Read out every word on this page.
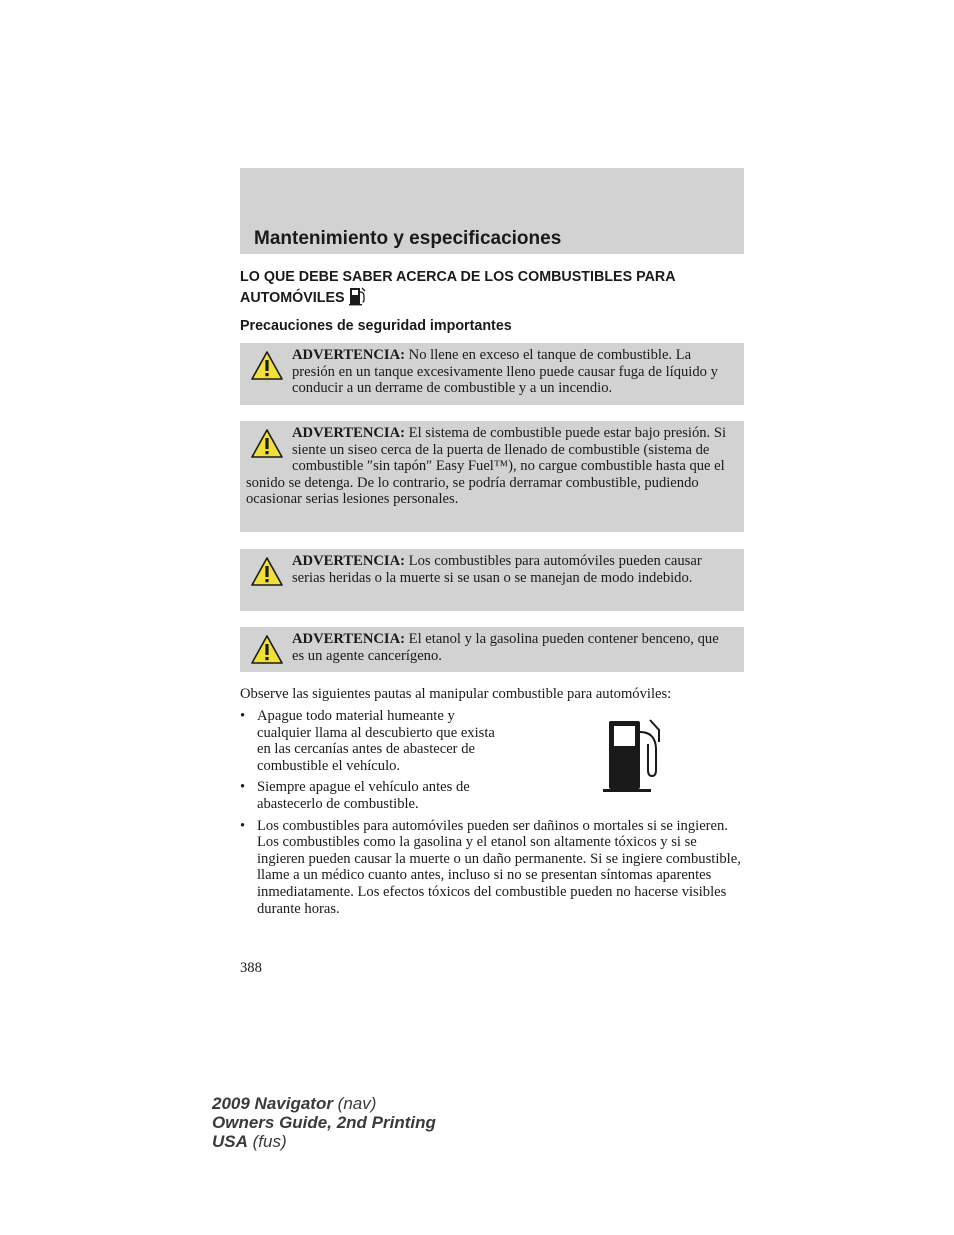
Mantenimiento y especificaciones
LO QUE DEBE SABER ACERCA DE LOS COMBUSTIBLES PARA AUTOMÓVILES
Precauciones de seguridad importantes
ADVERTENCIA: No llene en exceso el tanque de combustible. La presión en un tanque excesivamente lleno puede causar fuga de líquido y conducir a un derrame de combustible y a un incendio.
ADVERTENCIA: El sistema de combustible puede estar bajo presión. Si siente un siseo cerca de la puerta de llenado de combustible (sistema de combustible ″sin tapón″ Easy Fuel™), no cargue combustible hasta que el sonido se detenga. De lo contrario, se podría derramar combustible, pudiendo ocasionar serias lesiones personales.
ADVERTENCIA: Los combustibles para automóviles pueden causar serias heridas o la muerte si se usan o se manejan de modo indebido.
ADVERTENCIA: El etanol y la gasolina pueden contener benceno, que es un agente cancerígeno.

Observe las siguientes pautas al manipular combustible para automóviles:

• Apague todo material humeante y cualquier llama al descubierto que exista en las cercanías antes de abastecer de combustible el vehículo.
• Siempre apague el vehículo antes de abastecerlo de combustible.
• Los combustibles para automóviles pueden ser dañinos o mortales si se ingieren. Los combustibles como la gasolina y el etanol son altamente tóxicos y si se ingieren pueden causar la muerte o un daño permanente. Si se ingiere combustible, llame a un médico cuanto antes, incluso si no se presentan síntomas aparentes inmediatamente. Los efectos tóxicos del combustible pueden no hacerse visibles durante horas.

388

2009 Navigator (nav)
Owners Guide, 2nd Printing
USA (fus)
